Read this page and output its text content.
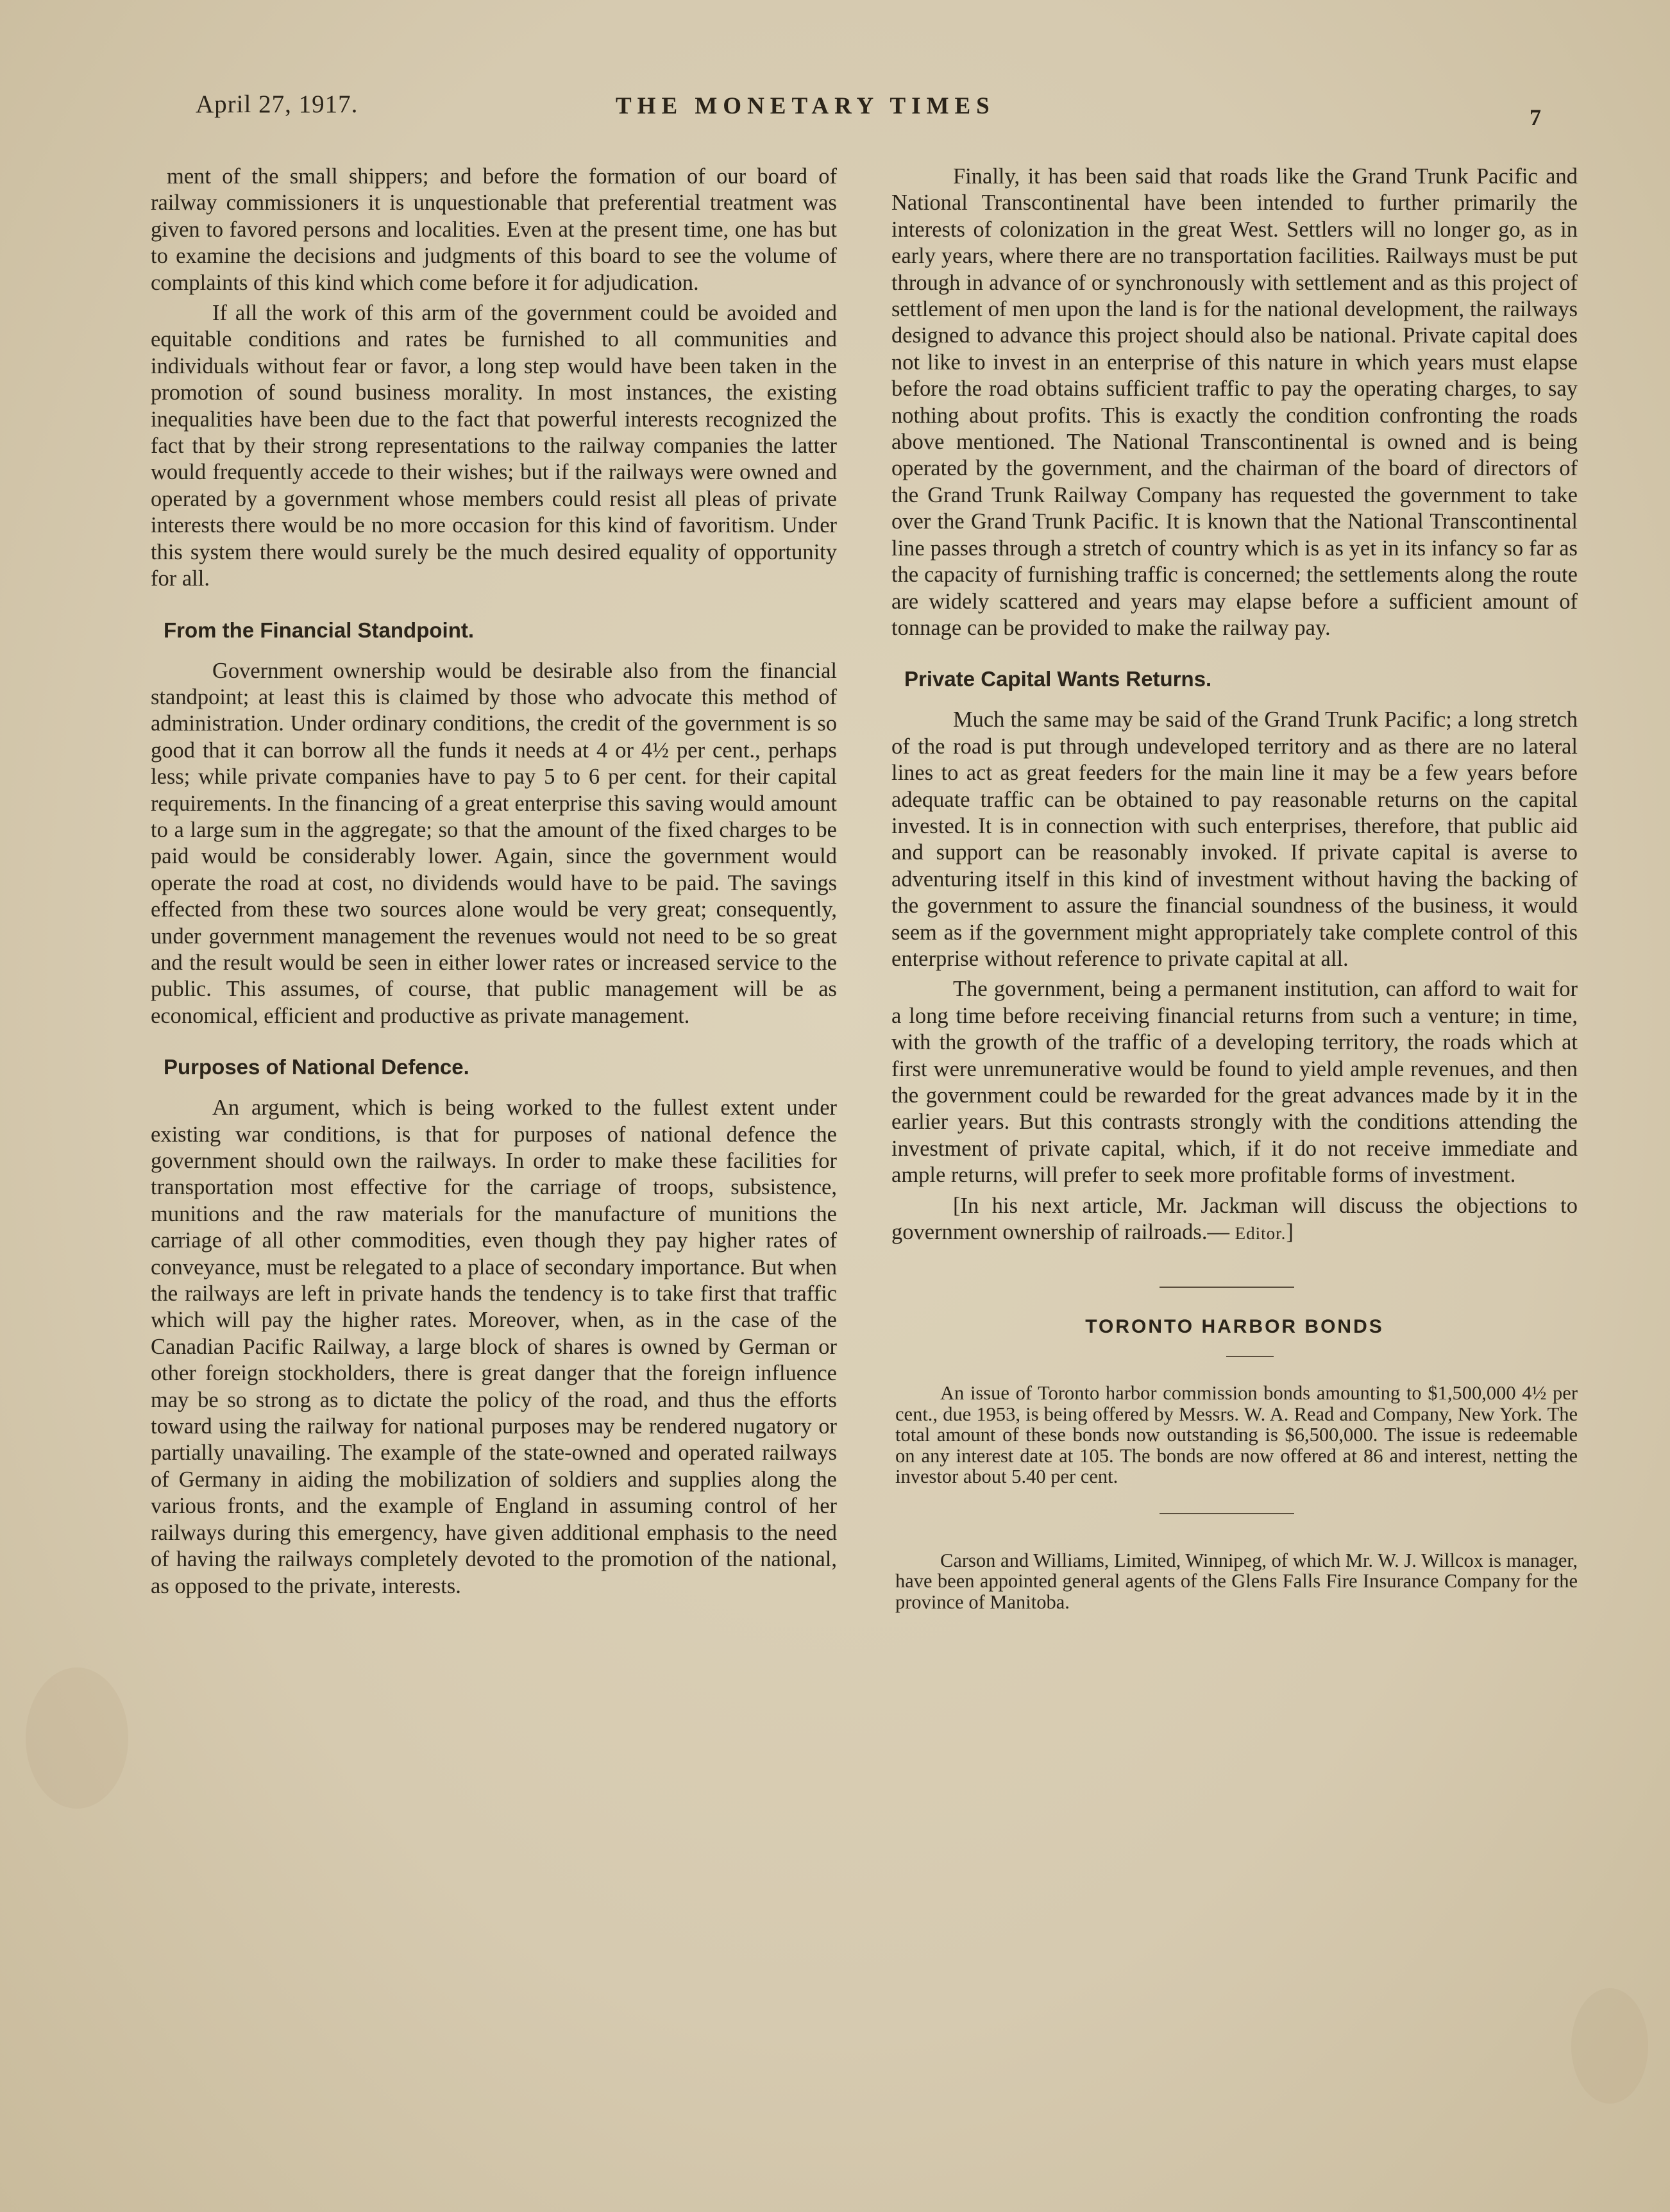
April 27, 1917.	THE MONETARY TIMES	7

ment of the small shippers; and before the formation of our board of railway commissioners it is unquestionable that preferential treatment was given to favored persons and localities. Even at the present time, one has but to examine the decisions and judgments of this board to see the volume of complaints of this kind which come before it for adjudication.

If all the work of this arm of the government could be avoided and equitable conditions and rates be furnished to all communities and individuals without fear or favor, a long step would have been taken in the promotion of sound business morality. In most instances, the existing inequalities have been due to the fact that powerful interests recognized the fact that by their strong representations to the railway companies the latter would frequently accede to their wishes; but if the railways were owned and operated by a government whose members could resist all pleas of private interests there would be no more occasion for this kind of favoritism. Under this system there would surely be the much desired equality of opportunity for all.

From the Financial Standpoint.

Government ownership would be desirable also from the financial standpoint; at least this is claimed by those who advocate this method of administration. Under ordinary conditions, the credit of the government is so good that it can borrow all the funds it needs at 4 or 4½ per cent., perhaps less; while private companies have to pay 5 to 6 per cent. for their capital requirements. In the financing of a great enterprise this saving would amount to a large sum in the aggregate; so that the amount of the fixed charges to be paid would be considerably lower. Again, since the government would operate the road at cost, no dividends would have to be paid. The savings effected from these two sources alone would be very great; consequently, under government management the revenues would not need to be so great and the result would be seen in either lower rates or increased service to the public. This assumes, of course, that public management will be as economical, efficient and productive as private management.

Purposes of National Defence.

An argument, which is being worked to the fullest extent under existing war conditions, is that for purposes of national defence the government should own the railways. In order to make these facilities for transportation most effective for the carriage of troops, subsistence, munitions and the raw materials for the manufacture of munitions the carriage of all other commodities, even though they pay higher rates of conveyance, must be relegated to a place of secondary importance. But when the railways are left in private hands the tendency is to take first that traffic which will pay the higher rates. Moreover, when, as in the case of the Canadian Pacific Railway, a large block of shares is owned by German or other foreign stockholders, there is great danger that the foreign influence may be so strong as to dictate the policy of the road, and thus the efforts toward using the railway for national purposes may be rendered nugatory or partially unavailing. The example of the state-owned and operated railways of Germany in aiding the mobilization of soldiers and supplies along the various fronts, and the example of England in assuming control of her railways during this emergency, have given additional emphasis to the need of having the railways completely devoted to the promotion of the national, as opposed to the private, interests.

Finally, it has been said that roads like the Grand Trunk Pacific and National Transcontinental have been intended to further primarily the interests of colonization in the great West. Settlers will no longer go, as in early years, where there are no transportation facilities. Railways must be put through in advance of or synchronously with settlement and as this project of settlement of men upon the land is for the national development, the railways designed to advance this project should also be national. Private capital does not like to invest in an enterprise of this nature in which years must elapse before the road obtains sufficient traffic to pay the operating charges, to say nothing about profits. This is exactly the condition confronting the roads above mentioned. The National Transcontinental is owned and is being operated by the government, and the chairman of the board of directors of the Grand Trunk Railway Company has requested the government to take over the Grand Trunk Pacific. It is known that the National Transcontinental line passes through a stretch of country which is as yet in its infancy so far as the capacity of furnishing traffic is concerned; the settlements along the route are widely scattered and years may elapse before a sufficient amount of tonnage can be provided to make the railway pay.

Private Capital Wants Returns.

Much the same may be said of the Grand Trunk Pacific; a long stretch of the road is put through undeveloped territory and as there are no lateral lines to act as great feeders for the main line it may be a few years before adequate traffic can be obtained to pay reasonable returns on the capital invested. It is in connection with such enterprises, therefore, that public aid and support can be reasonably invoked. If private capital is averse to adventuring itself in this kind of investment without having the backing of the government to assure the financial soundness of the business, it would seem as if the government might appropriately take complete control of this enterprise without reference to private capital at all.

The government, being a permanent institution, can afford to wait for a long time before receiving financial returns from such a venture; in time, with the growth of the traffic of a developing territory, the roads which at first were unremunerative would be found to yield ample revenues, and then the government could be rewarded for the great advances made by it in the earlier years. But this contrasts strongly with the conditions attending the investment of private capital, which, if it do not receive immediate and ample returns, will prefer to seek more profitable forms of investment.

[In his next article, Mr. Jackman will discuss the objections to government ownership of railroads.— Editor.]

TORONTO HARBOR BONDS

An issue of Toronto harbor commission bonds amounting to $1,500,000 4½ per cent., due 1953, is being offered by Messrs. W. A. Read and Company, New York. The total amount of these bonds now outstanding is $6,500,000. The issue is redeemable on any interest date at 105. The bonds are now offered at 86 and interest, netting the investor about 5.40 per cent.

Carson and Williams, Limited, Winnipeg, of which Mr. W. J. Willcox is manager, have been appointed general agents of the Glens Falls Fire Insurance Company for the province of Manitoba.
